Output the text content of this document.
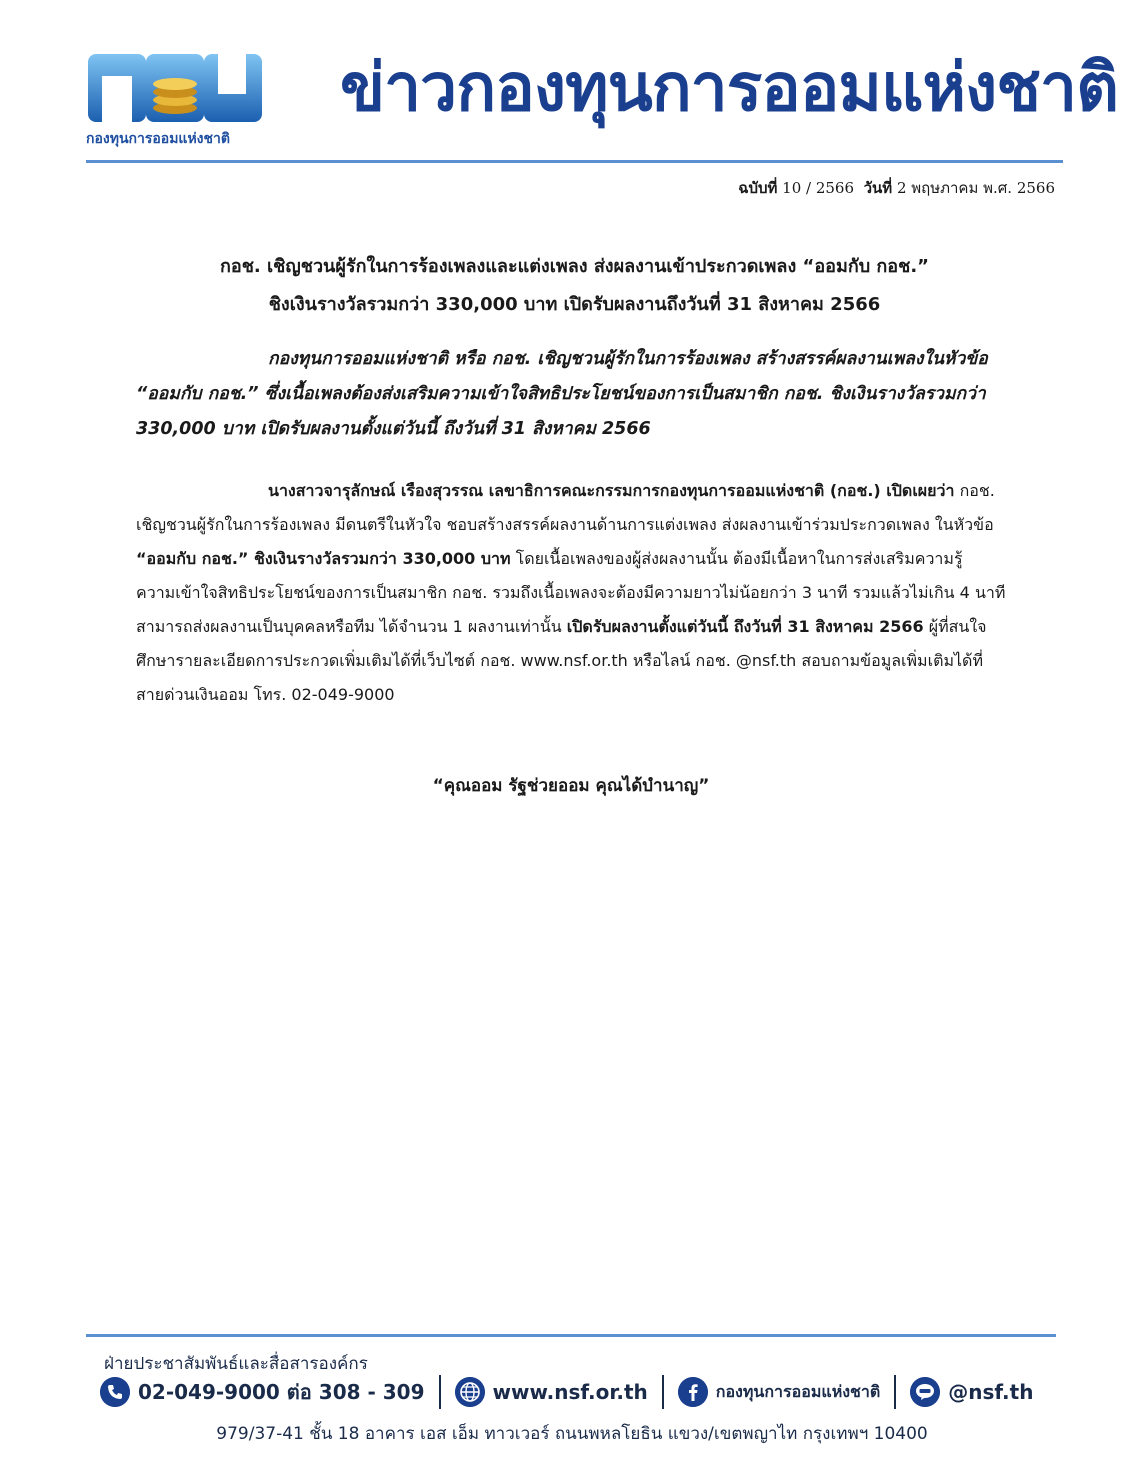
กองทุนการออมแห่งชาติ
ข่าวกองทุนการออมแห่งชาติ
ฉบับที่ 10 / 2566 วันที่ 2 พฤษภาคม พ.ศ. 2566
กอช. เชิญชวนผู้รักในการร้องเพลงและแต่งเพลง ส่งผลงานเข้าประกวดเพลง “ออมกับ กอช.”
ชิงเงินรางวัลรวมกว่า 330,000 บาท เปิดรับผลงานถึงวันที่ 31 สิงหาคม 2566

กองทุนการออมแห่งชาติ หรือ กอช. เชิญชวนผู้รักในการร้องเพลง สร้างสรรค์ผลงานเพลงในหัวข้อ “ออมกับ กอช.” ซึ่งเนื้อเพลงต้องส่งเสริมความเข้าใจสิทธิประโยชน์ของการเป็นสมาชิก กอช. ชิงเงินรางวัลรวมกว่า 330,000 บาท เปิดรับผลงานตั้งแต่วันนี้ ถึงวันที่ 31 สิงหาคม 2566

นางสาวจารุลักษณ์ เรืองสุวรรณ เลขาธิการคณะกรรมการกองทุนการออมแห่งชาติ (กอช.) เปิดเผยว่า กอช. เชิญชวนผู้รักในการร้องเพลง มีดนตรีในหัวใจ ชอบสร้างสรรค์ผลงานด้านการแต่งเพลง ส่งผลงานเข้าร่วมประกวดเพลง ในหัวข้อ “ออมกับ กอช.” ชิงเงินรางวัลรวมกว่า 330,000 บาท โดยเนื้อเพลงของผู้ส่งผลงานนั้น ต้องมีเนื้อหาในการส่งเสริมความรู้ ความเข้าใจสิทธิประโยชน์ของการเป็นสมาชิก กอช. รวมถึงเนื้อเพลงจะต้องมีความยาวไม่น้อยกว่า 3 นาที รวมแล้วไม่เกิน 4 นาที สามารถส่งผลงานเป็นบุคคลหรือทีม ได้จำนวน 1 ผลงานเท่านั้น เปิดรับผลงานตั้งแต่วันนี้ ถึงวันที่ 31 สิงหาคม 2566 ผู้ที่สนใจศึกษารายละเอียดการประกวดเพิ่มเติมได้ที่เว็บไซต์ กอช. www.nsf.or.th หรือไลน์ กอช. @nsf.th สอบถามข้อมูลเพิ่มเติมได้ที่สายด่วนเงินออม โทร. 02-049-9000

“คุณออม รัฐช่วยออม คุณได้บำนาญ”
ฝ่ายประชาสัมพันธ์และสื่อสารองค์กร
02-049-9000 ต่อ 308 - 309	www.nsf.or.th	กองทุนการออมแห่งชาติ	@nsf.th
979/37-41 ชั้น 18 อาคาร เอส เอ็ม ทาวเวอร์ ถนนพหลโยธิน แขวง/เขตพญาไท กรุงเทพฯ 10400
